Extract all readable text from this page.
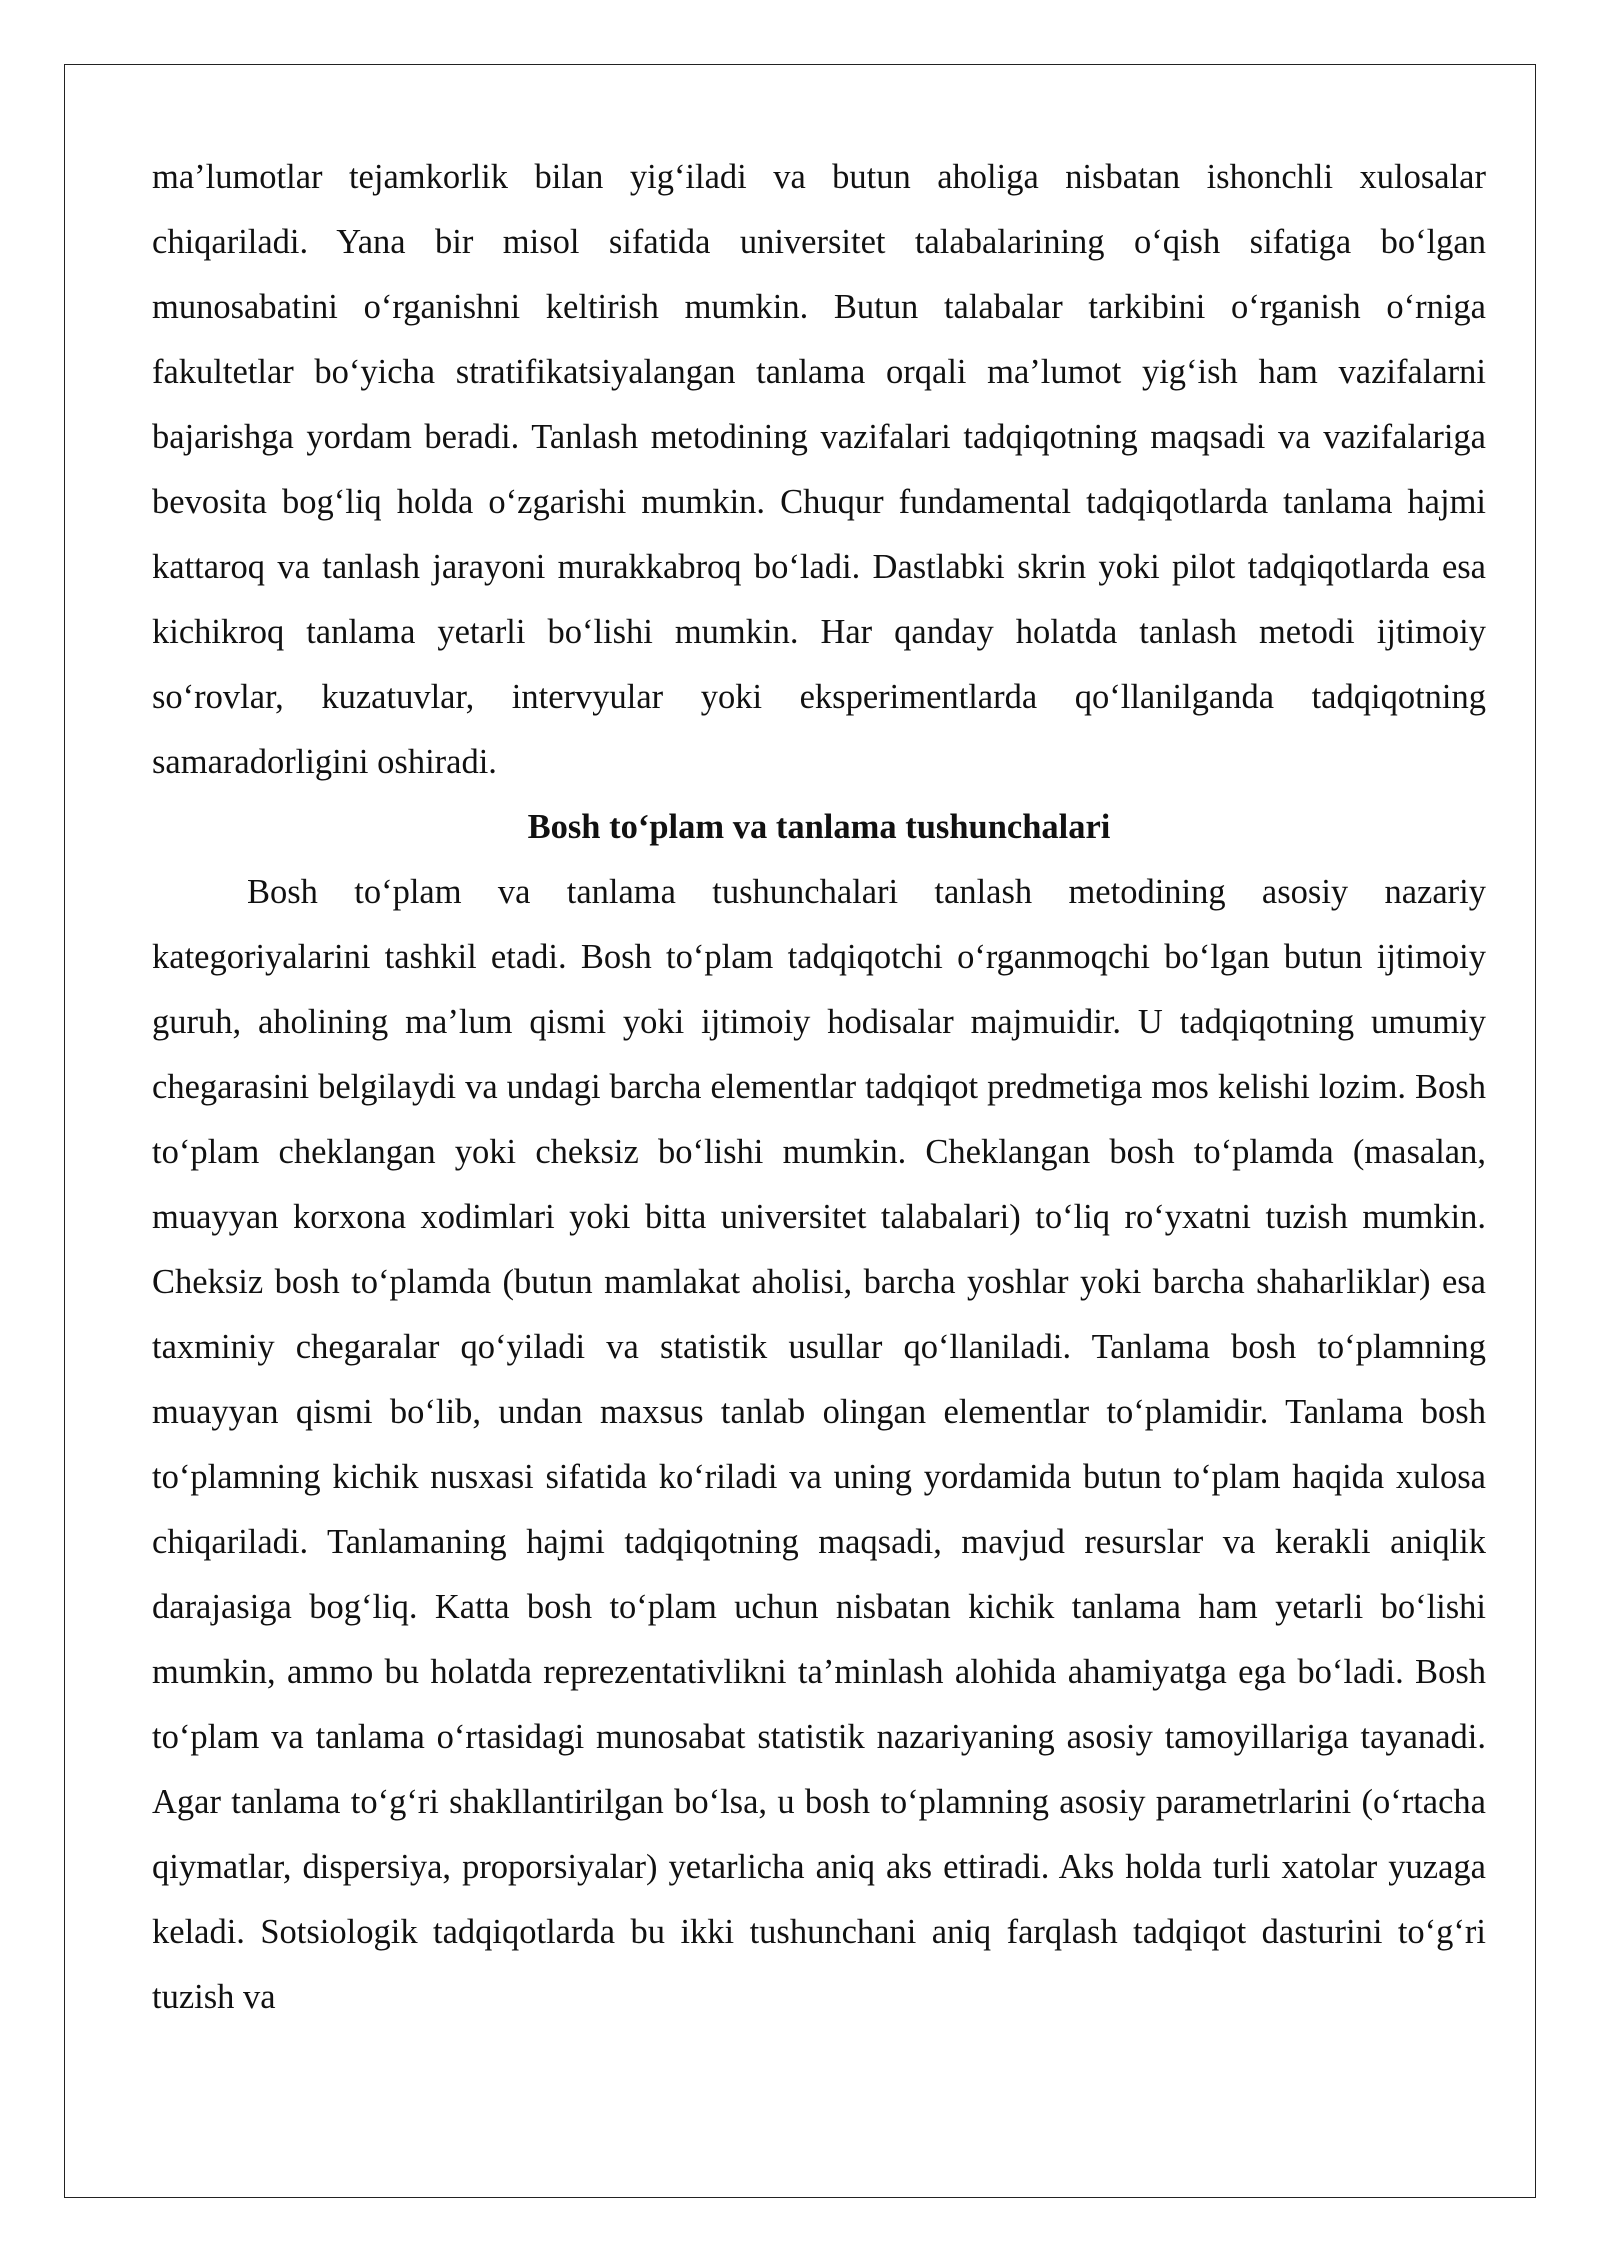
ma’lumotlar tejamkorlik bilan yig‘iladi va butun aholiga nisbatan ishonchli xulosalar chiqariladi. Yana bir misol sifatida universitet talabalarining o‘qish sifatiga bo‘lgan munosabatini o‘rganishni keltirish mumkin. Butun talabalar tarkibini o‘rganish o‘rniga fakultetlar bo‘yicha stratifikatsiyalangan tanlama orqali ma’lumot yig‘ish ham vazifalarni bajarishga yordam beradi. Tanlash metodining vazifalari tadqiqotning maqsadi va vazifalariga bevosita bog‘liq holda o‘zgarishi mumkin. Chuqur fundamental tadqiqotlarda tanlama hajmi kattaroq va tanlash jarayoni murakkabroq bo‘ladi. Dastlabki skrin yoki pilot tadqiqotlarda esa kichikroq tanlama yetarli bo‘lishi mumkin. Har qanday holatda tanlash metodi ijtimoiy so‘rovlar, kuzatuvlar, intervyular yoki eksperimentlarda qo‘llanilganda tadqiqotning samaradorligini oshiradi.

Bosh to‘plam va tanlama tushunchalari

Bosh to‘plam va tanlama tushunchalari tanlash metodining asosiy nazariy kategoriyalarini tashkil etadi. Bosh to‘plam tadqiqotchi o‘rganmoqchi bo‘lgan butun ijtimoiy guruh, aholining ma’lum qismi yoki ijtimoiy hodisalar majmuidir. U tadqiqotning umumiy chegarasini belgilaydi va undagi barcha elementlar tadqiqot predmetiga mos kelishi lozim. Bosh to‘plam cheklangan yoki cheksiz bo‘lishi mumkin. Cheklangan bosh to‘plamda (masalan, muayyan korxona xodimlari yoki bitta universitet talabalari) to‘liq ro‘yxatni tuzish mumkin. Cheksiz bosh to‘plamda (butun mamlakat aholisi, barcha yoshlar yoki barcha shaharliklar) esa taxminiy chegaralar qo‘yiladi va statistik usullar qo‘llaniladi. Tanlama bosh to‘plamning muayyan qismi bo‘lib, undan maxsus tanlab olingan elementlar to‘plamidir. Tanlama bosh to‘plamning kichik nusxasi sifatida ko‘riladi va uning yordamida butun to‘plam haqida xulosa chiqariladi. Tanlamaning hajmi tadqiqotning maqsadi, mavjud resurslar va kerakli aniqlik darajasiga bog‘liq. Katta bosh to‘plam uchun nisbatan kichik tanlama ham yetarli bo‘lishi mumkin, ammo bu holatda reprezentativlikni ta’minlash alohida ahamiyatga ega bo‘ladi. Bosh to‘plam va tanlama o‘rtasidagi munosabat statistik nazariyaning asosiy tamoyillariga tayanadi. Agar tanlama to‘g‘ri shakllantirilgan bo‘lsa, u bosh to‘plamning asosiy parametrlarini (o‘rtacha qiymatlar, dispersiya, proporsiyalar) yetarlicha aniq aks ettiradi. Aks holda turli xatolar yuzaga keladi. Sotsiologik tadqiqotlarda bu ikki tushunchani aniq farqlash tadqiqot dasturini to‘g‘ri tuzish va
